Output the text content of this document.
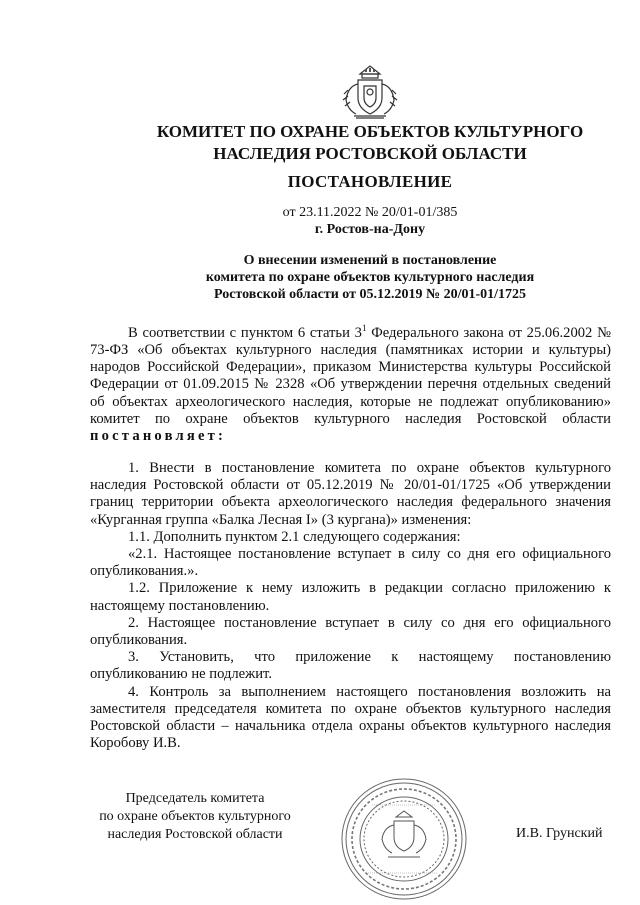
КОМИТЕТ ПО ОХРАНЕ ОБЪЕКТОВ КУЛЬТУРНОГО
НАСЛЕДИЯ РОСТОВСКОЙ ОБЛАСТИ
ПОСТАНОВЛЕНИЕ
от 23.11.2022 № 20/01-01/385
г. Ростов-на-Дону
О внесении изменений в постановление
комитета по охране объектов культурного наследия
Ростовской области от 05.12.2019 № 20/01-01/1725

В соответствии с пунктом 6 статьи $3^1$ Федерального закона от 25.06.2002 № 73-ФЗ «Об объектах культурного наследия (памятниках истории и культуры) народов Российской Федерации», приказом Министерства культуры Российской Федерации от 01.09.2015 № 2328 «Об утверждении перечня отдельных сведений об объектах археологического наследия, которые не подлежат опубликованию» комитет по охране объектов культурного наследия Ростовской области постановляет:

1. Внести в постановление комитета по охране объектов культурного наследия Ростовской области от 05.12.2019 № 20/01-01/1725 «Об утверждении границ территории объекта археологического наследия федерального значения «Курганная группа «Балка Лесная I» (3 кургана)» изменения:

1.1. Дополнить пунктом 2.1 следующего содержания:

«2.1. Настоящее постановление вступает в силу со дня его официального опубликования.».

1.2. Приложение к нему изложить в редакции согласно приложению к настоящему постановлению.

2. Настоящее постановление вступает в силу со дня его официального опубликования.

3. Установить, что приложение к настоящему постановлению опубликованию не подлежит.

4. Контроль за выполнением настоящего постановления возложить на заместителя председателя комитета по охране объектов культурного наследия Ростовской области – начальника отдела охраны объектов культурного наследия Коробову И.В.

Председатель комитета
по охране объектов культурного
наследия Ростовской области	И.В. Грунский
